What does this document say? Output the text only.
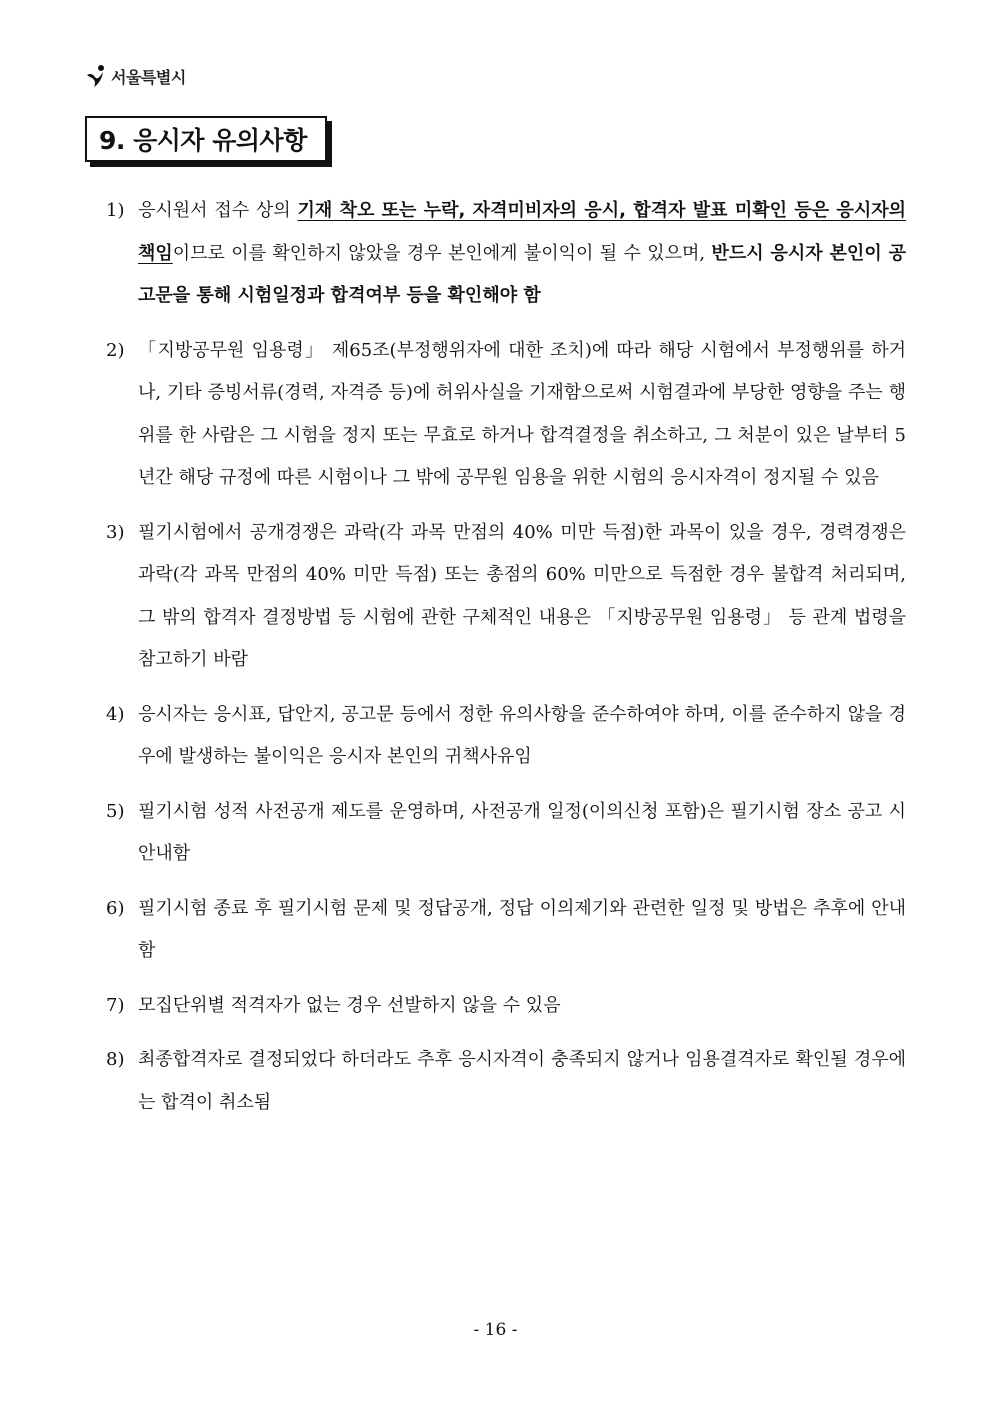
서울특별시
9. 응시자 유의사항
1) 응시원서 접수 상의 기재 착오 또는 누락, 자격미비자의 응시, 합격자 발표 미확인 등은 응시자의 책임이므로 이를 확인하지 않았을 경우 본인에게 불이익이 될 수 있으며, 반드시 응시자 본인이 공고문을 통해 시험일정과 합격여부 등을 확인해야 함
2) 「지방공무원 임용령」 제65조(부정행위자에 대한 조치)에 따라 해당 시험에서 부정행위를 하거나, 기타 증빙서류(경력, 자격증 등)에 허위사실을 기재함으로써 시험결과에 부당한 영향을 주는 행위를 한 사람은 그 시험을 정지 또는 무효로 하거나 합격결정을 취소하고, 그 처분이 있은 날부터 5년간 해당 규정에 따른 시험이나 그 밖에 공무원 임용을 위한 시험의 응시자격이 정지될 수 있음
3) 필기시험에서 공개경쟁은 과락(각 과목 만점의 40% 미만 득점)한 과목이 있을 경우, 경력경쟁은 과락(각 과목 만점의 40% 미만 득점) 또는 총점의 60% 미만으로 득점한 경우 불합격 처리되며, 그 밖의 합격자 결정방법 등 시험에 관한 구체적인 내용은 「지방공무원 임용령」 등 관계 법령을 참고하기 바람
4) 응시자는 응시표, 답안지, 공고문 등에서 정한 유의사항을 준수하여야 하며, 이를 준수하지 않을 경우에 발생하는 불이익은 응시자 본인의 귀책사유임
5) 필기시험 성적 사전공개 제도를 운영하며, 사전공개 일정(이의신청 포함)은 필기시험 장소 공고 시 안내함
6) 필기시험 종료 후 필기시험 문제 및 정답공개, 정답 이의제기와 관련한 일정 및 방법은 추후에 안내함
7) 모집단위별 적격자가 없는 경우 선발하지 않을 수 있음
8) 최종합격자로 결정되었다 하더라도 추후 응시자격이 충족되지 않거나 임용결격자로 확인될 경우에는 합격이 취소됨
- 16 -
